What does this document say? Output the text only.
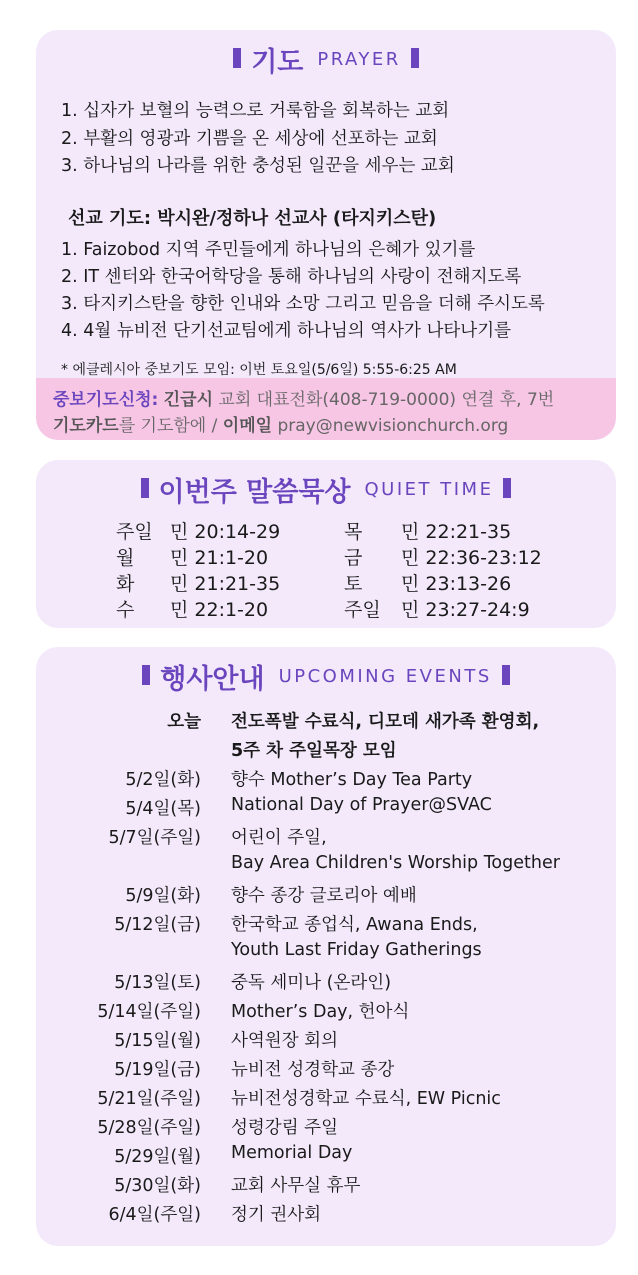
기도 PRAYER
1. 십자가 보혈의 능력으로 거룩함을 회복하는 교회
2. 부활의 영광과 기쁨을 온 세상에 선포하는 교회
3. 하나님의 나라를 위한 충성된 일꾼을 세우는 교회
선교 기도: 박시완/정하나 선교사 (타지키스탄)
1. Faizobod 지역 주민들에게 하나님의 은혜가 있기를
2. IT 센터와 한국어학당을 통해 하나님의 사랑이 전해지도록
3. 타지키스탄을 향한 인내와 소망 그리고 믿음을 더해 주시도록
4. 4월 뉴비전 단기선교팀에게 하나님의 역사가 나타나기를
* 에클레시아 중보기도 모임: 이번 토요일(5/6일) 5:55-6:25 AM
중보기도신청: 긴급시 교회 대표전화(408-719-0000) 연결 후, 7번
기도카드를 기도함에 / 이메일 pray@newvisionchurch.org
이번주 말씀묵상 QUIET TIME
주일 민 20:14-29
월 민 21:1-20
화 민 21:21-35
수 민 22:1-20
목 민 22:21-35
금 민 22:36-23:12
토 민 23:13-26
주일 민 23:27-24:9
행사안내 UPCOMING EVENTS
오늘 전도폭발 수료식, 디모데 새가족 환영회,
5주 차 주일목장 모임
5/2일(화) 향수 Mother’s Day Tea Party
5/4일(목) National Day of Prayer@SVAC
5/7일(주일) 어린이 주일,
Bay Area Children's Worship Together
5/9일(화) 향수 종강 글로리아 예배
5/12일(금) 한국학교 종업식, Awana Ends,
Youth Last Friday Gatherings
5/13일(토) 중독 세미나 (온라인)
5/14일(주일) Mother’s Day, 헌아식
5/15일(월) 사역원장 회의
5/19일(금) 뉴비전 성경학교 종강
5/21일(주일) 뉴비전성경학교 수료식, EW Picnic
5/28일(주일) 성령강림 주일
5/29일(월) Memorial Day
5/30일(화) 교회 사무실 휴무
6/4일(주일) 정기 권사회
